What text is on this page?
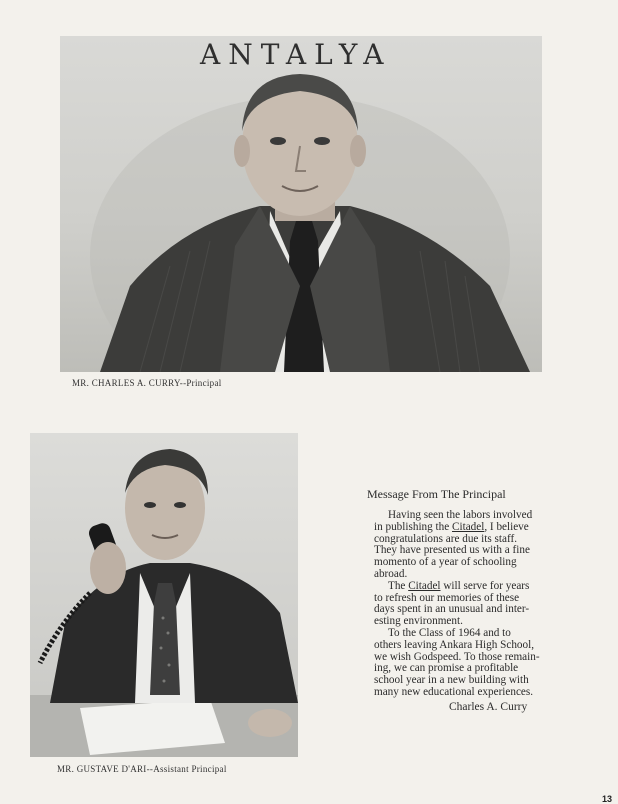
ANTALYA
MR. CHARLES A. CURRY--Principal
MR. GUSTAVE D'ARI--Assistant Principal
Message From The Principal

Having seen the labors involved

in publishing the Citadel, I believe

congratulations are due its staff.

They have presented us with a fine

momento of a year of schooling

abroad.

The Citadel will serve for years

to refresh our memories of these

days spent in an unusual and inter-

esting environment.

To the Class of 1964 and to

others leaving Ankara High School,

we wish Godspeed. To those remain-

ing, we can promise a profitable

school year in a new building with

many new educational experiences.

Charles A. Curry
13
